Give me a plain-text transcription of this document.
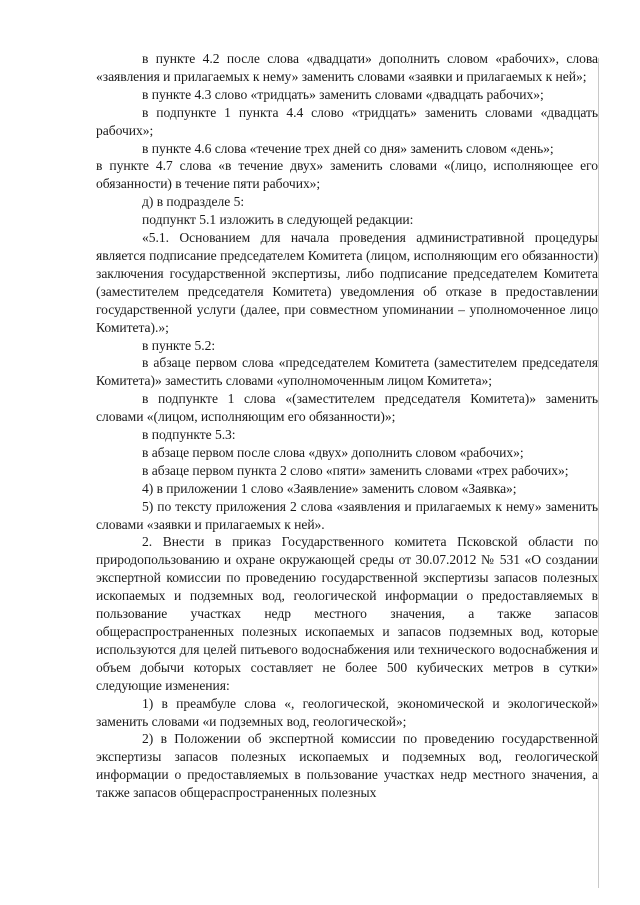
в пункте 4.2 после слова «двадцати» дополнить словом «рабочих», слова «заявления и прилагаемых к нему» заменить словами «заявки и прилагаемых к ней»;

в пункте 4.3 слово «тридцать» заменить словами «двадцать рабочих»;

в подпункте 1 пункта 4.4 слово «тридцать» заменить словами «двадцать рабочих»;

в пункте 4.6 слова «течение трех дней со дня» заменить словом «день»;

в пункте 4.7 слова «в течение двух» заменить словами «(лицо, исполняющее его обязанности) в течение пяти рабочих»;

д) в подразделе 5:

подпункт 5.1 изложить в следующей редакции:

«5.1. Основанием для начала проведения административной процедуры является подписание председателем Комитета (лицом, исполняющим его обязанности) заключения государственной экспертизы, либо подписание председателем Комитета (заместителем председателя Комитета) уведомления об отказе в предоставлении государственной услуги (далее, при совместном упоминании – уполномоченное лицо Комитета).»;

в пункте 5.2:

в абзаце первом слова «председателем Комитета (заместителем председателя Комитета)» заместить словами «уполномоченным лицом Комитета»;

в подпункте 1 слова «(заместителем председателя Комитета)» заменить словами «(лицом, исполняющим его обязанности)»;

в подпункте 5.3:

в абзаце первом после слова «двух» дополнить словом «рабочих»;

в абзаце первом пункта 2 слово «пяти» заменить словами «трех рабочих»;

4) в приложении 1 слово «Заявление» заменить словом «Заявка»;

5) по тексту приложения 2 слова «заявления и прилагаемых к нему» заменить словами «заявки и прилагаемых к ней».

2. Внести в приказ Государственного комитета Псковской области по природопользованию и охране окружающей среды от 30.07.2012 № 531 «О создании экспертной комиссии по проведению государственной экспертизы запасов полезных ископаемых и подземных вод, геологической информации о предоставляемых в пользование участках недр местного значения, а также запасов общераспространенных полезных ископаемых и запасов подземных вод, которые используются для целей питьевого водоснабжения или технического водоснабжения и объем добычи которых составляет не более 500 кубических метров в сутки» следующие изменения:

1) в преамбуле слова «, геологической, экономической и экологической» заменить словами «и подземных вод, геологической»;

2) в Положении об экспертной комиссии по проведению государственной экспертизы запасов полезных ископаемых и подземных вод, геологической информации о предоставляемых в пользование участках недр местного значения, а также запасов общераспространенных полезных
